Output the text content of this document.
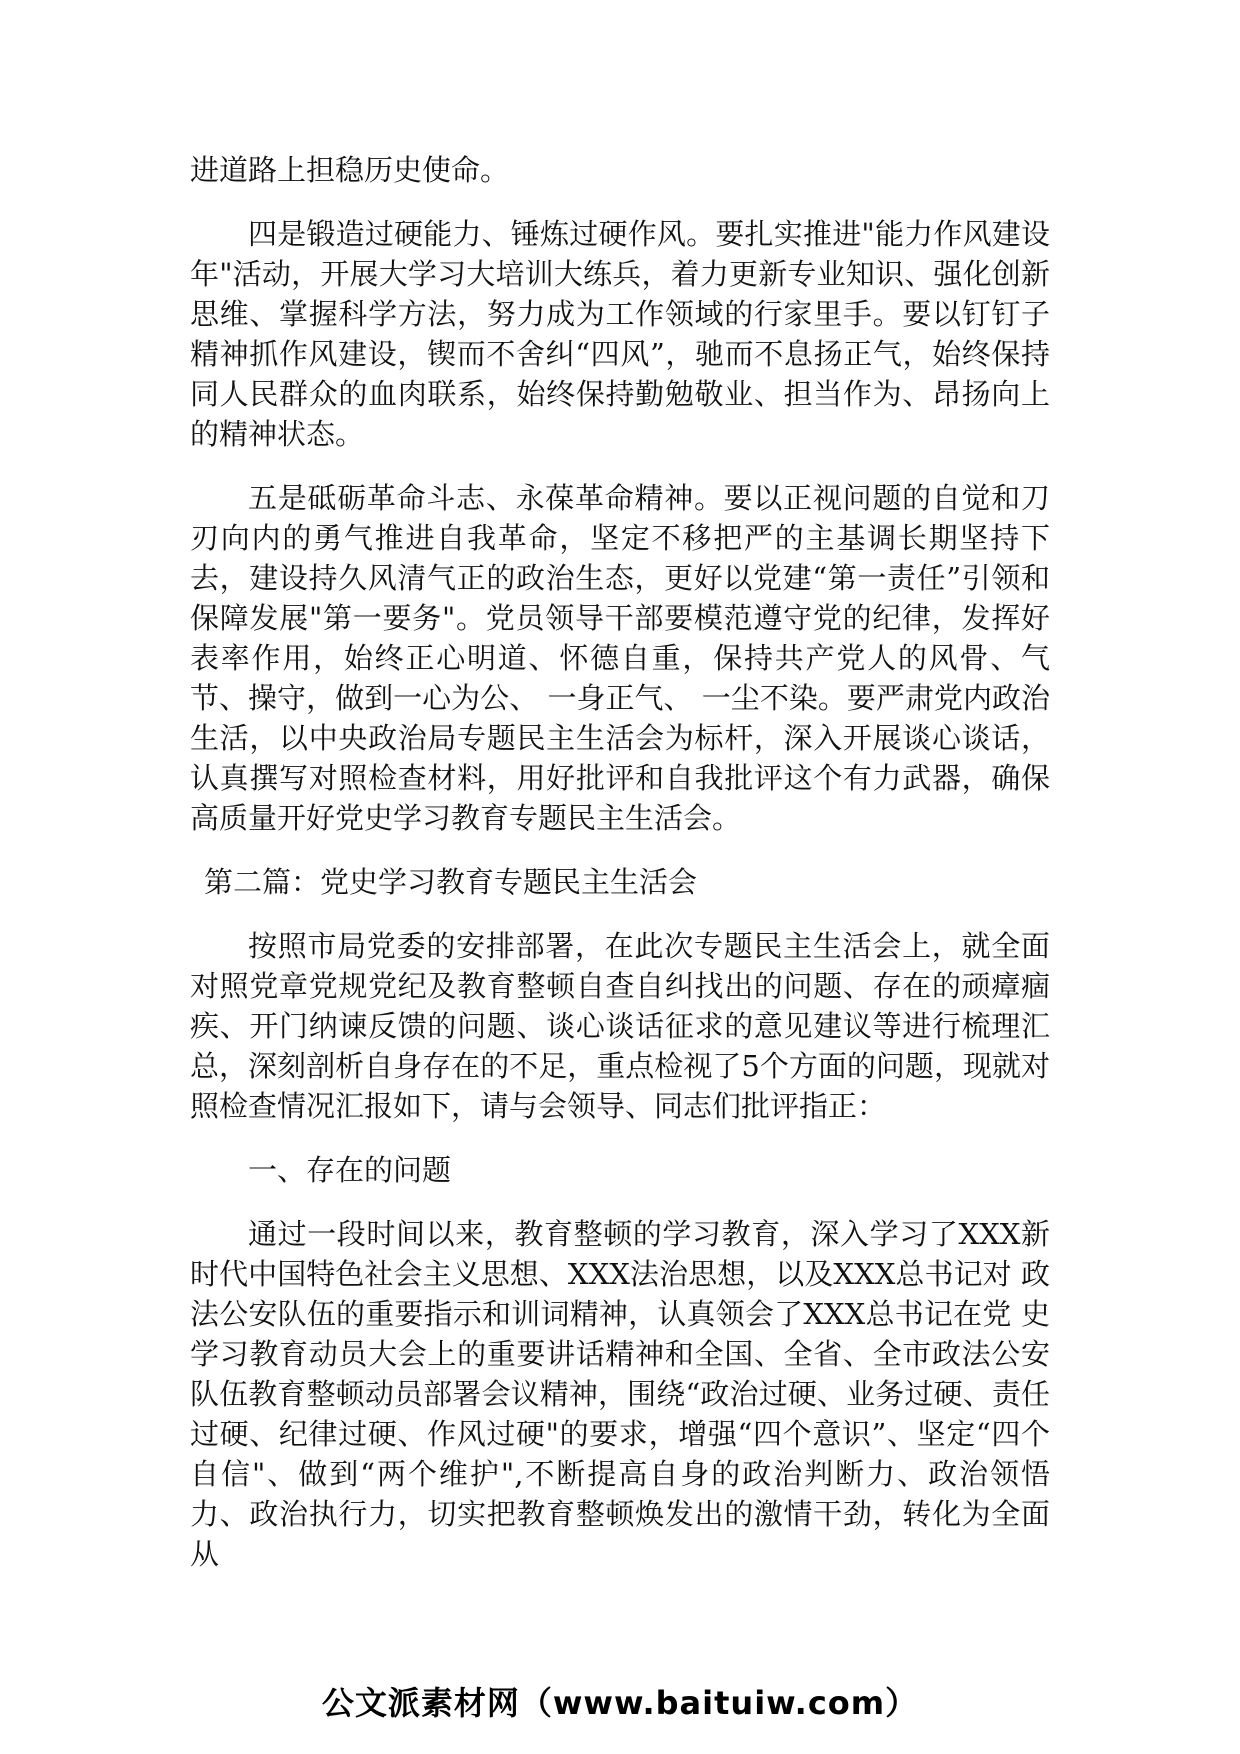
进道路上担稳历史使命。

四是锻造过硬能力、锤炼过硬作风。要扎实推进"能力作风建设年"活动，开展大学习大培训大练兵，着力更新专业知识、强化创新思维、掌握科学方法，努力成为工作领域的行家里手。要以钉钉子精神抓作风建设，锲而不舍纠“四风”，驰而不息扬正气，始终保持同人民群众的血肉联系，始终保持勤勉敬业、担当作为、昂扬向上的精神状态。

五是砥砺革命斗志、永葆革命精神。要以正视问题的自觉和刀刃向内的勇气推进自我革命，坚定不移把严的主基调长期坚持下去，建设持久风清气正的政治生态，更好以党建“第一责任”引领和保障发展"第一要务"。党员领导干部要模范遵守党的纪律，发挥好表率作用，始终正心明道、怀德自重，保持共产党人的风骨、气节、操守，做到一心为公、 一身正气、 一尘不染。要严肃党内政治生活，以中央政治局专题民主生活会为标杆，深入开展谈心谈话，认真撰写对照检查材料，用好批评和自我批评这个有力武器，确保高质量开好党史学习教育专题民主生活会。

第二篇：党史学习教育专题民主生活会

按照市局党委的安排部署，在此次专题民主生活会上，就全面对照党章党规党纪及教育整顿自查自纠找出的问题、存在的顽瘴痼疾、开门纳谏反馈的问题、谈心谈话征求的意见建议等进行梳理汇总，深刻剖析自身存在的不足，重点检视了5个方面的问题，现就对照检查情况汇报如下，请与会领导、同志们批评指正：

一、存在的问题

通过一段时间以来，教育整顿的学习教育，深入学习了XXX新时代中国特色社会主义思想、XXX法治思想，以及XXX总书记对 政法公安队伍的重要指示和训词精神，认真领会了XXX总书记在党 史学习教育动员大会上的重要讲话精神和全国、全省、全市政法公安队伍教育整顿动员部署会议精神，围绕“政治过硬、业务过硬、责任过硬、纪律过硬、作风过硬"的要求，增强“四个意识”、坚定“四个自信"、做到“两个维护",不断提高自身的政治判断力、政治领悟力、政治执行力，切实把教育整顿焕发出的激情干劲，转化为全面从

公文派素材网（www.baituiw.com）
